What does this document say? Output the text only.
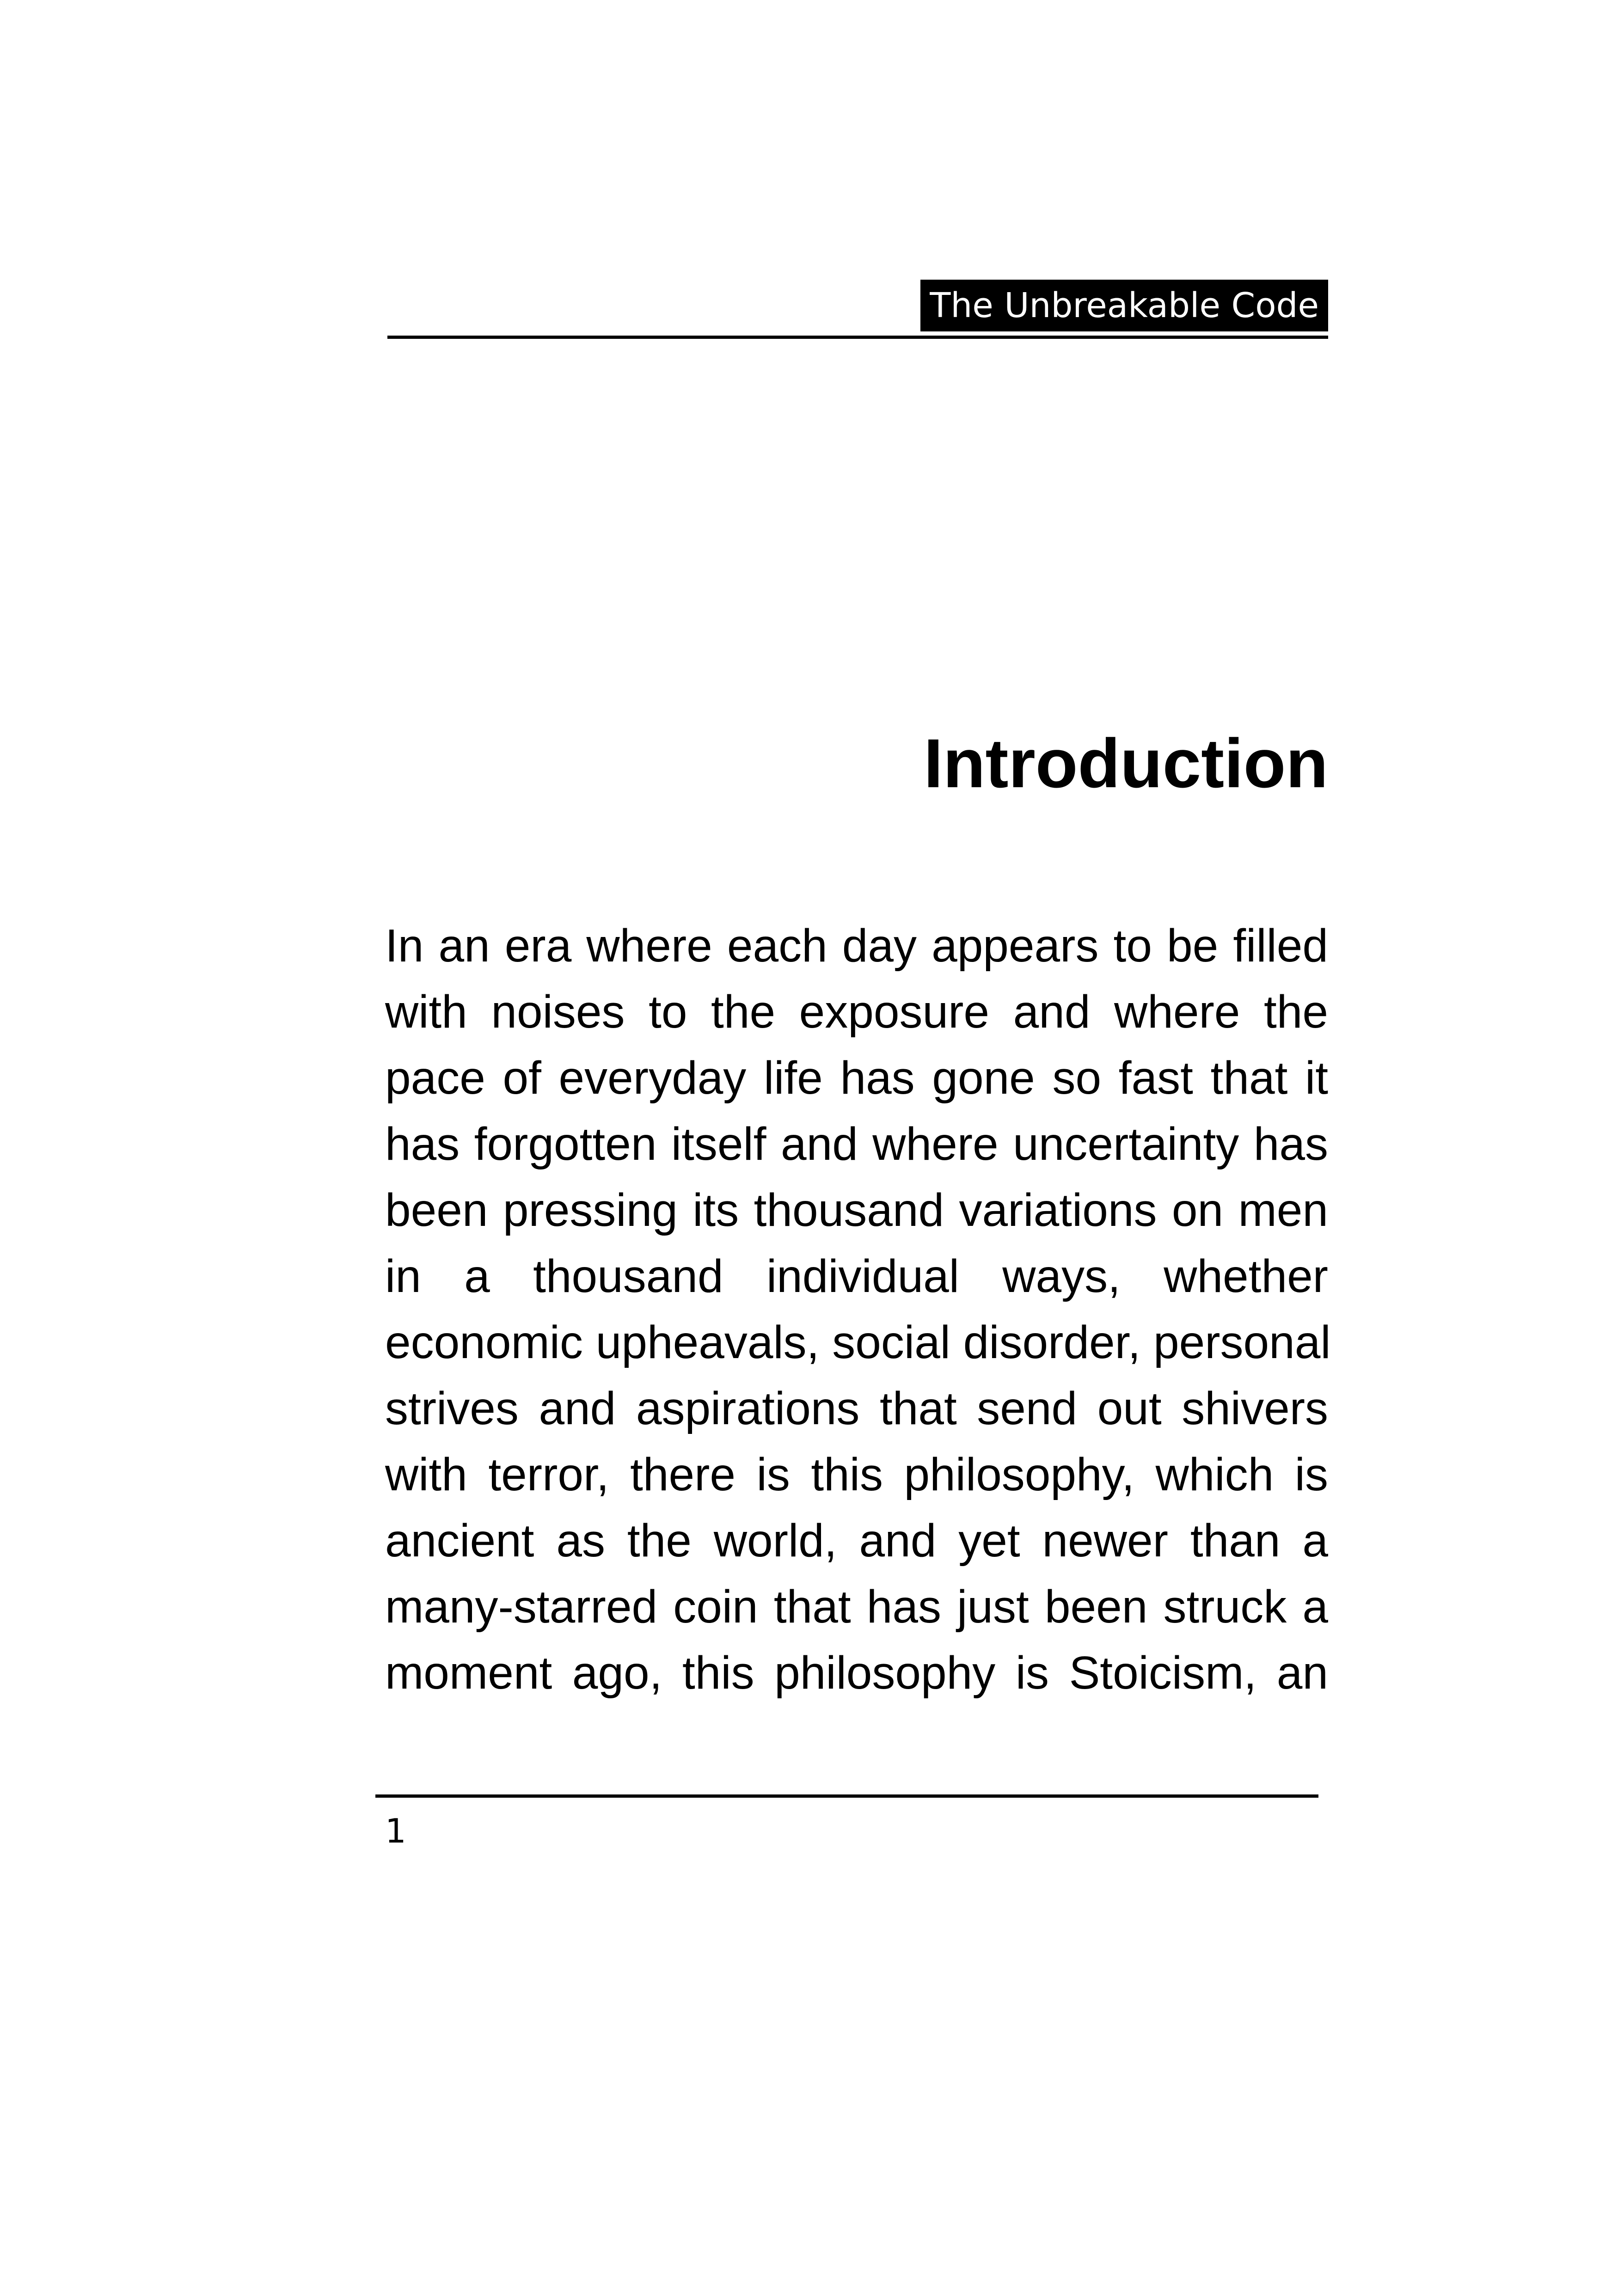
The Unbreakable Code
Introduction
In an era where each day appears to be filled
with noises to the exposure and where the
pace of everyday life has gone so fast that it
has forgotten itself and where uncertainty has
been pressing its thousand variations on men
in a thousand individual ways, whether
economic upheavals, social disorder, personal
strives and aspirations that send out shivers
with terror, there is this philosophy, which is
ancient as the world, and yet newer than a
many-starred coin that has just been struck a
moment ago, this philosophy is Stoicism, an
1
